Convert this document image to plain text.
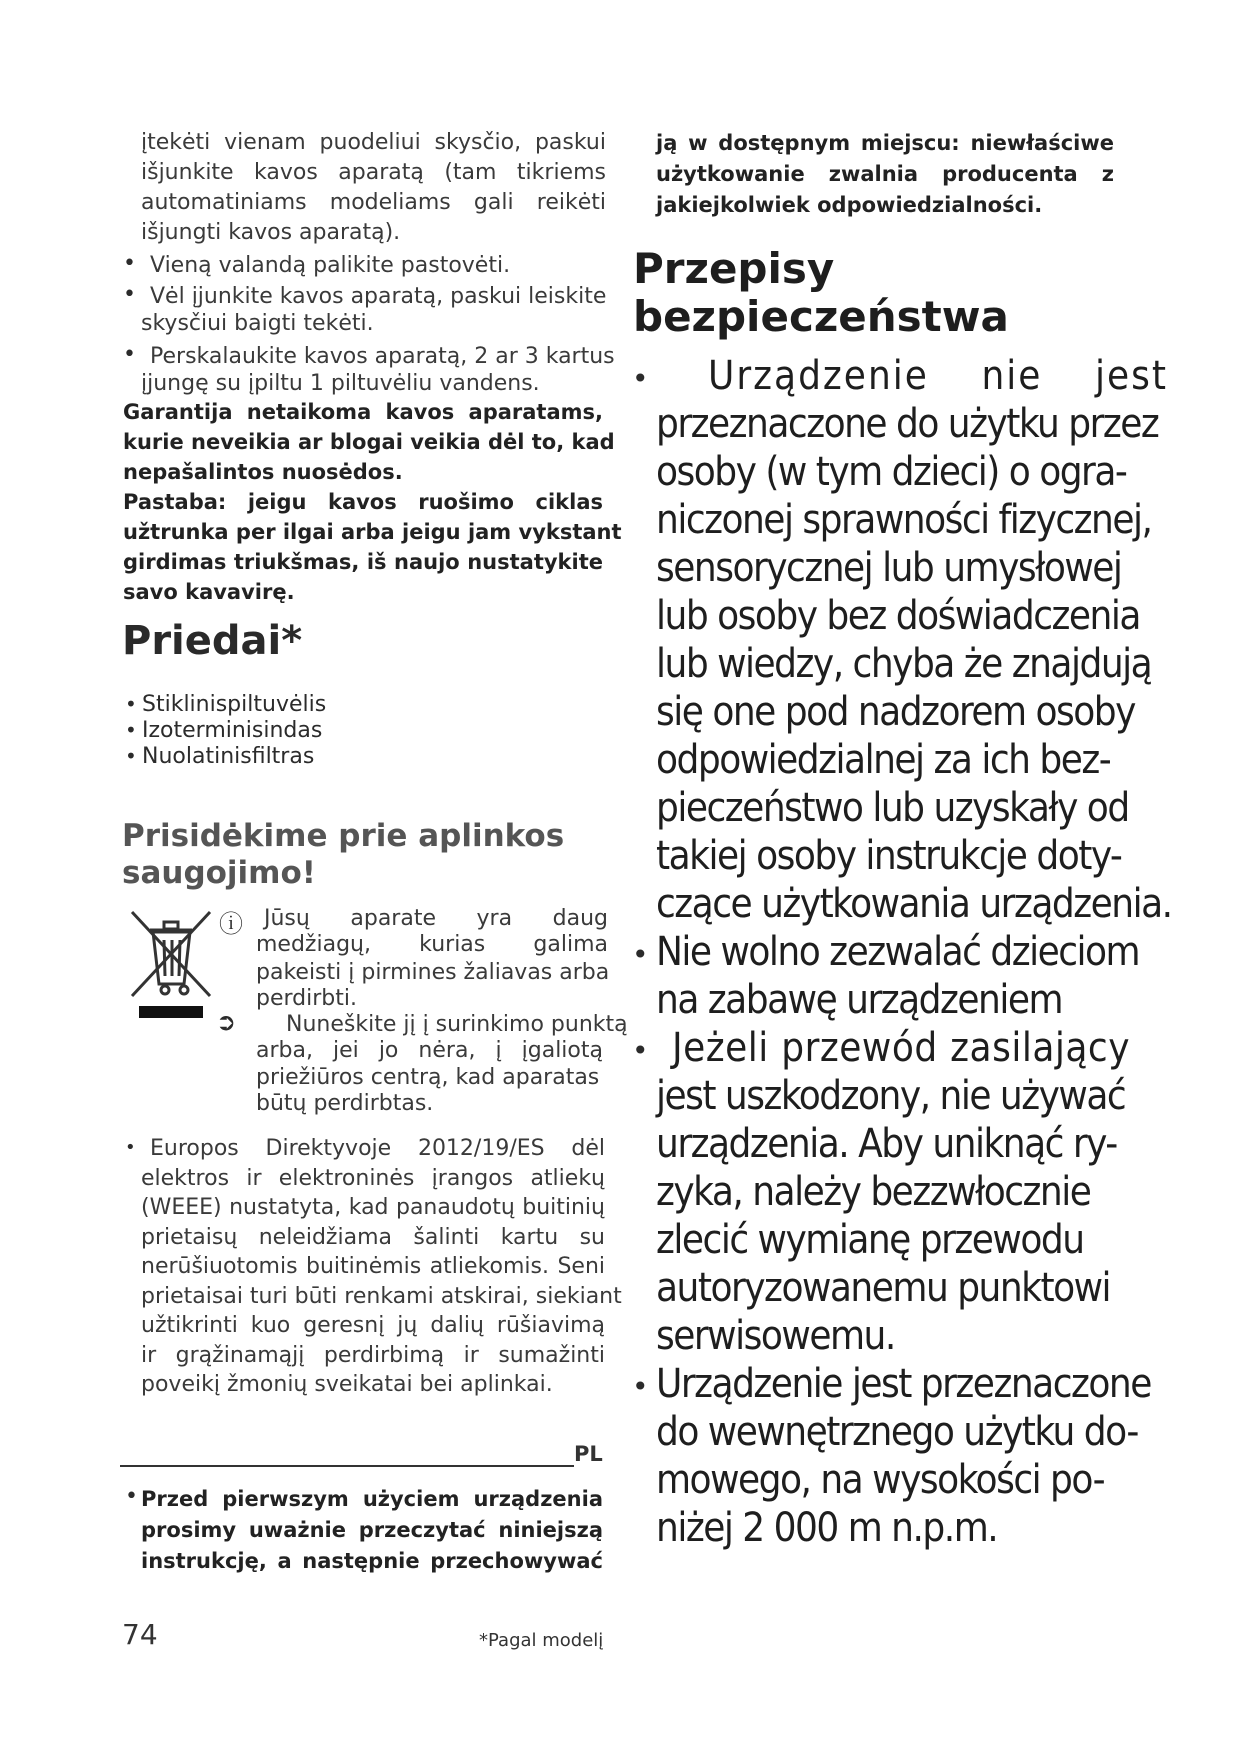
įtekėti vienam puodeliui skysčio, paskui
išjunkite kavos aparatą (tam tikriems
automatiniams modeliams gali reikėti
išjungti kavos aparatą).
• Vieną valandą palikite pastovėti.
• Vėl įjunkite kavos aparatą, paskui leiskite
skysčiui baigti tekėti.
• Perskalaukite kavos aparatą, 2 ar 3 kartus
įjungę su įpiltu 1 piltuvėliu vandens.
Garantija netaikoma kavos aparatams,
kurie neveikia ar blogai veikia dėl to, kad
nepašalintos nuosėdos.
Pastaba: jeigu kavos ruošimo ciklas
užtrunka per ilgai arba jeigu jam vykstant
girdimas triukšmas, iš naujo nustatykite
savo kavavirę.
Priedai*
• Stiklinispiltuvėlis
• Izoterminisindas
• Nuolatinisfiltras
Prisidėkime prie aplinkos
saugojimo!
ⓘ Jūsų aparate yra daug
medžiagų, kurias galima
pakeisti į pirmines žaliavas arba
perdirbti.
➲ Nuneškite jį į surinkimo punktą
arba, jei jo nėra, į įgaliotą
priežiūros centrą, kad aparatas
būtų perdirbtas.
• Europos Direktyvoje 2012/19/ES dėl
elektros ir elektroninės įrangos atliekų
(WEEE) nustatyta, kad panaudotų buitinių
prietaisų neleidžiama šalinti kartu su
nerūšiuotomis buitinėmis atliekomis. Seni
prietaisai turi būti renkami atskirai, siekiant
užtikrinti kuo geresnį jų dalių rūšiavimą
ir grąžinamąjį perdirbimą ir sumažinti
poveikį žmonių sveikatai bei aplinkai.
PL
• Przed pierwszym użyciem urządzenia
prosimy uważnie przeczytać niniejszą
instrukcję, a następnie przechowywać
74	*Pagal modelį
ją w dostępnym miejscu: niewłaściwe
użytkowanie zwalnia producenta z
jakiejkolwiek odpowiedzialności.
Przepisy
bezpieczeństwa
• Urządzenie nie jest
przeznaczone do użytku przez
osoby (w tym dzieci) o ogra-
niczonej sprawności fizycznej,
sensorycznej lub umysłowej
lub osoby bez doświadczenia
lub wiedzy, chyba że znajdują
się one pod nadzorem osoby
odpowiedzialnej za ich bez-
pieczeństwo lub uzyskały od
takiej osoby instrukcje doty-
czące użytkowania urządzenia.
• Nie wolno zezwalać dzieciom
na zabawę urządzeniem
• Jeżeli przewód zasilający
jest uszkodzony, nie używać
urządzenia. Aby uniknąć ry-
zyka, należy bezzwłocznie
zlecić wymianę przewodu
autoryzowanemu punktowi
serwisowemu.
• Urządzenie jest przeznaczone
do wewnętrznego użytku do-
mowego, na wysokości po-
niżej 2 000 m n.p.m.
